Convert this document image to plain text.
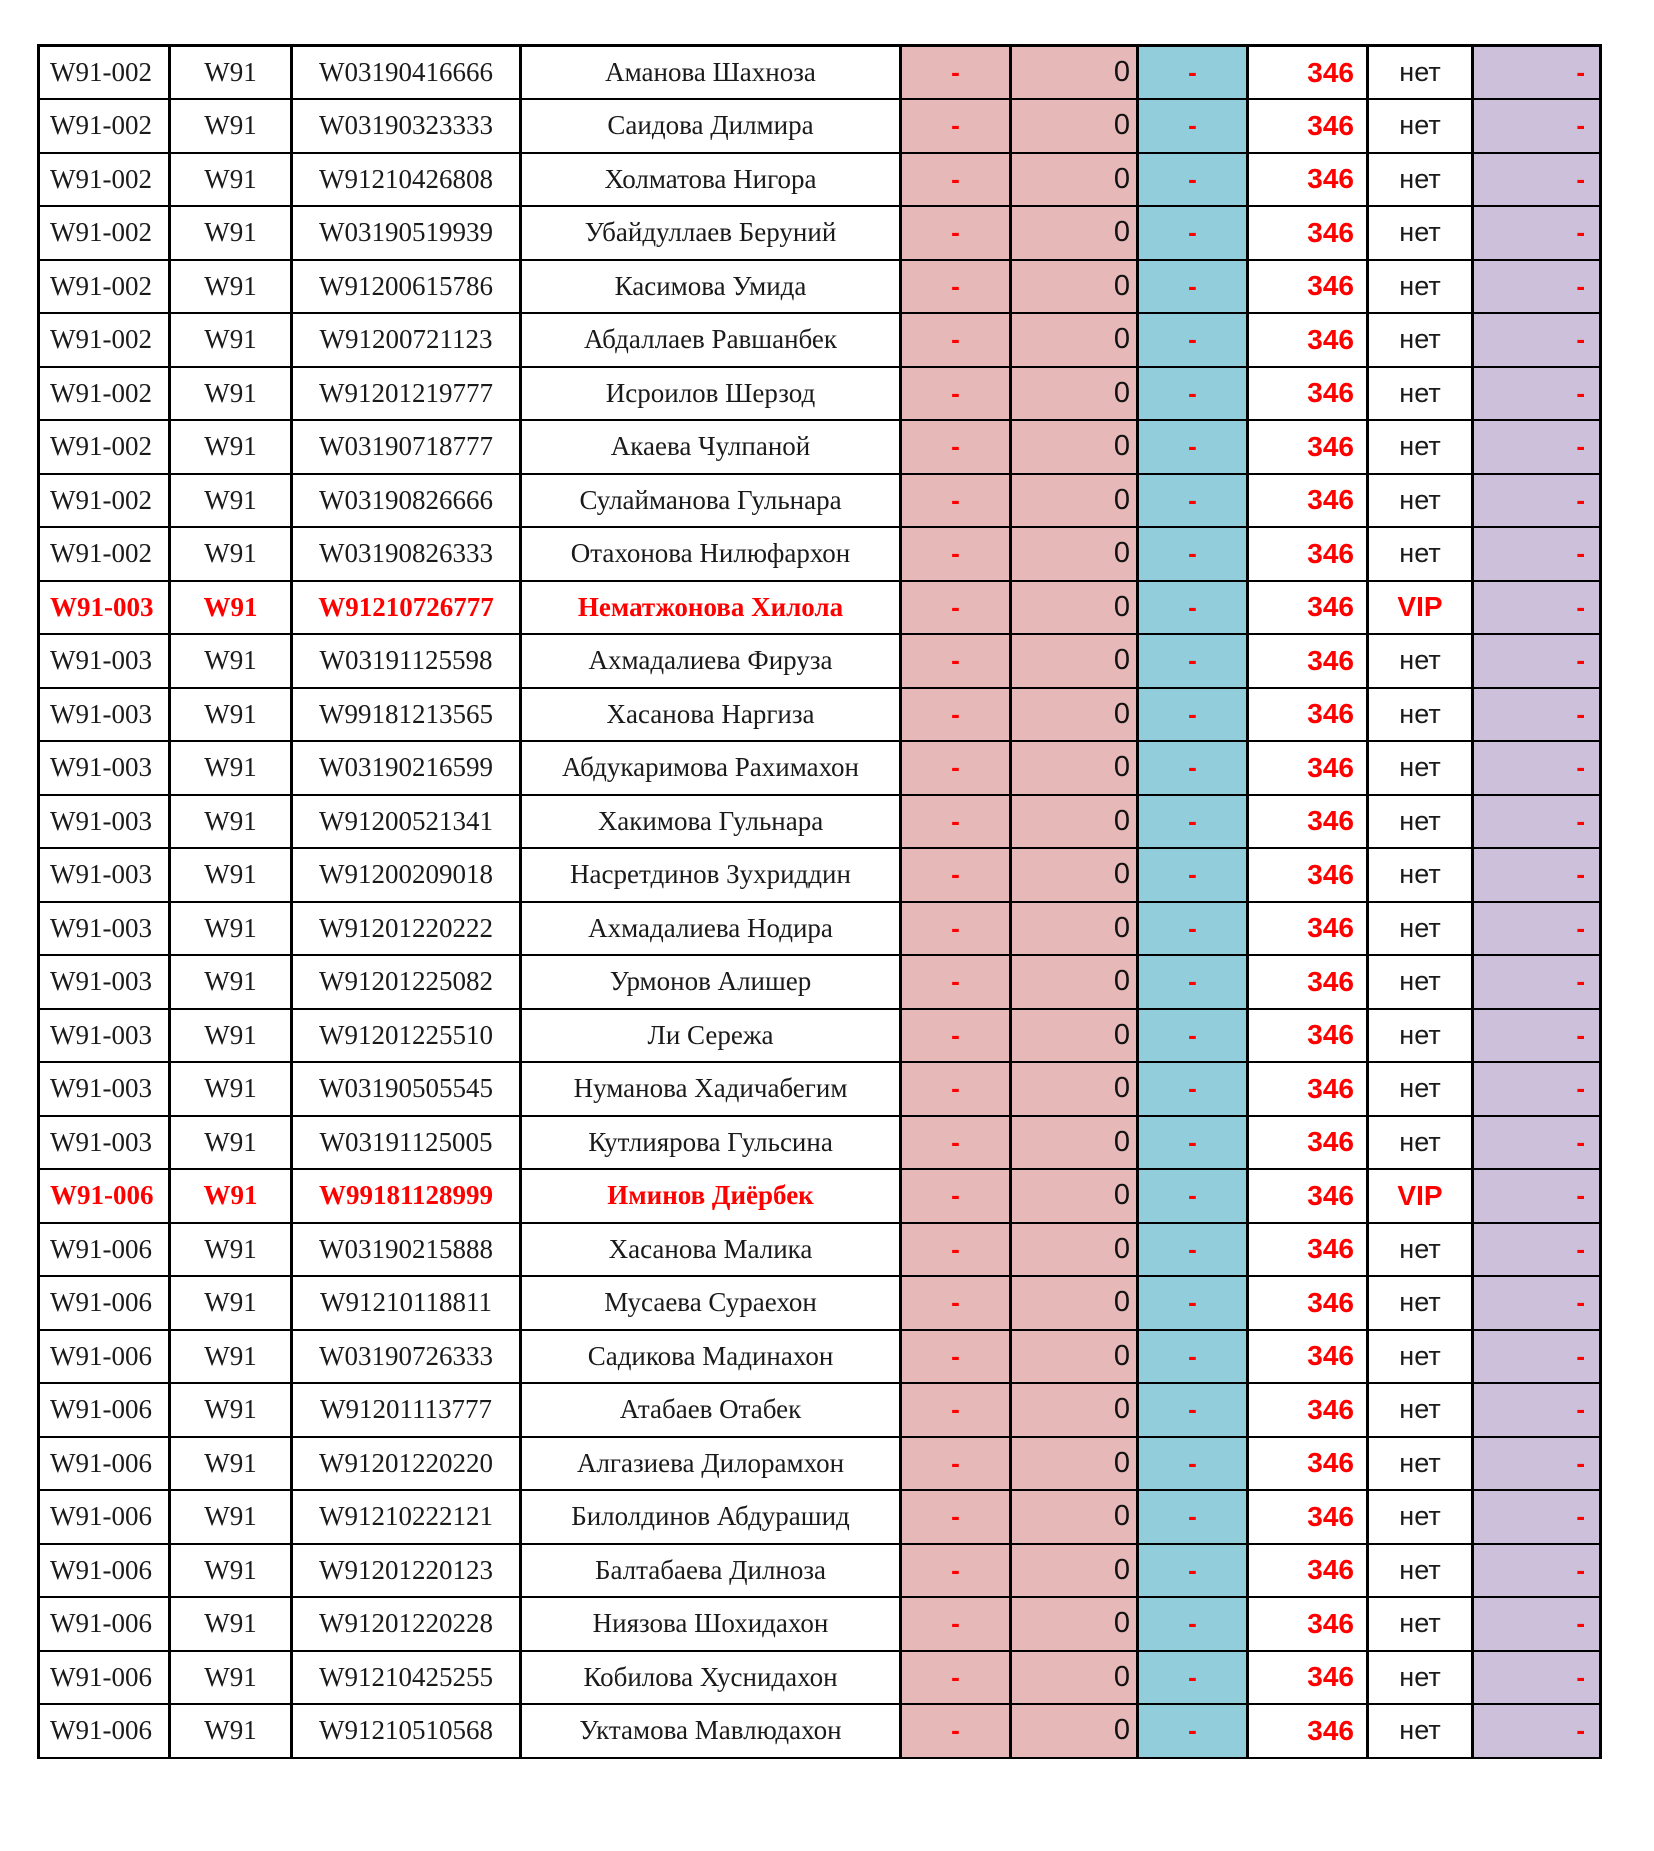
W91-002	W91	W03190416666	Аманова Шахноза	-	0	-	346	нет	-
W91-002	W91	W03190323333	Саидова Дилмира	-	0	-	346	нет	-
W91-002	W91	W91210426808	Холматова Нигора	-	0	-	346	нет	-
W91-002	W91	W03190519939	Убайдуллаев Беруний	-	0	-	346	нет	-
W91-002	W91	W91200615786	Касимова Умида	-	0	-	346	нет	-
W91-002	W91	W91200721123	Абдаллаев Равшанбек	-	0	-	346	нет	-
W91-002	W91	W91201219777	Исроилов Шерзод	-	0	-	346	нет	-
W91-002	W91	W03190718777	Акаева Чулпаной	-	0	-	346	нет	-
W91-002	W91	W03190826666	Сулайманова Гульнара	-	0	-	346	нет	-
W91-002	W91	W03190826333	Отахонова Нилюфархон	-	0	-	346	нет	-
W91-003	W91	W91210726777	Нематжонова Хилола	-	0	-	346	VIP	-
W91-003	W91	W03191125598	Ахмадалиева Фируза	-	0	-	346	нет	-
W91-003	W91	W99181213565	Хасанова Наргиза	-	0	-	346	нет	-
W91-003	W91	W03190216599	Абдукаримова Рахимахон	-	0	-	346	нет	-
W91-003	W91	W91200521341	Хакимова Гульнара	-	0	-	346	нет	-
W91-003	W91	W91200209018	Насретдинов Зухриддин	-	0	-	346	нет	-
W91-003	W91	W91201220222	Ахмадалиева Нодира	-	0	-	346	нет	-
W91-003	W91	W91201225082	Урмонов Алишер	-	0	-	346	нет	-
W91-003	W91	W91201225510	Ли Сережа	-	0	-	346	нет	-
W91-003	W91	W03190505545	Нуманова Хадичабегим	-	0	-	346	нет	-
W91-003	W91	W03191125005	Кутлиярова Гульсина	-	0	-	346	нет	-
W91-006	W91	W99181128999	Иминов Диёрбек	-	0	-	346	VIP	-
W91-006	W91	W03190215888	Хасанова Малика	-	0	-	346	нет	-
W91-006	W91	W91210118811	Мусаева Сураехон	-	0	-	346	нет	-
W91-006	W91	W03190726333	Садикова Мадинахон	-	0	-	346	нет	-
W91-006	W91	W91201113777	Атабаев Отабек	-	0	-	346	нет	-
W91-006	W91	W91201220220	Алгазиева Дилорамхон	-	0	-	346	нет	-
W91-006	W91	W91210222121	Билолдинов Абдурашид	-	0	-	346	нет	-
W91-006	W91	W91201220123	Балтабаева Дилноза	-	0	-	346	нет	-
W91-006	W91	W91201220228	Ниязова Шохидахон	-	0	-	346	нет	-
W91-006	W91	W91210425255	Кобилова Хуснидахон	-	0	-	346	нет	-
W91-006	W91	W91210510568	Уктамова Мавлюдахон	-	0	-	346	нет	-
